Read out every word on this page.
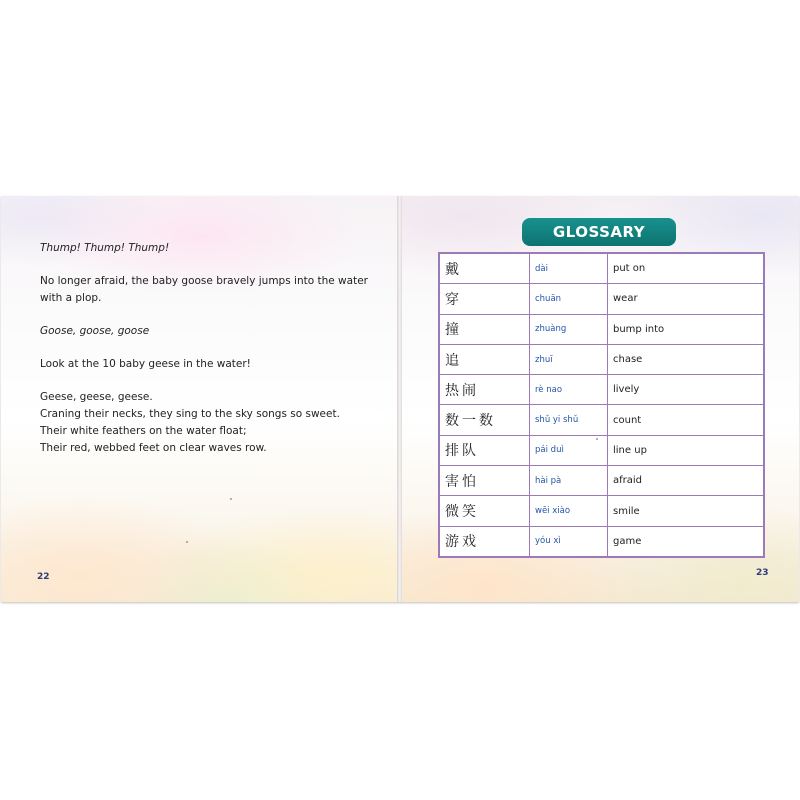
Thump! Thump! Thump!

No longer afraid, the baby goose bravely jumps into the water
with a plop.

Goose, goose, goose

Look at the 10 baby geese in the water!

Geese, geese, geese.
Craning their necks, they sing to the sky songs so sweet.
Their white feathers on the water float;
Their red, webbed feet on clear waves row.

22
GLOSSARY
戴	dài	put on
穿	chuān	wear
撞	zhuàng	bump into
追	zhuī	chase
热闹	rè nao	lively
数一数	shǔ yi shǔ	count
排队	pái duì	line up
害怕	hài pà	afraid
微笑	wēi xiào	smile
游戏	yóu xì	game
23
